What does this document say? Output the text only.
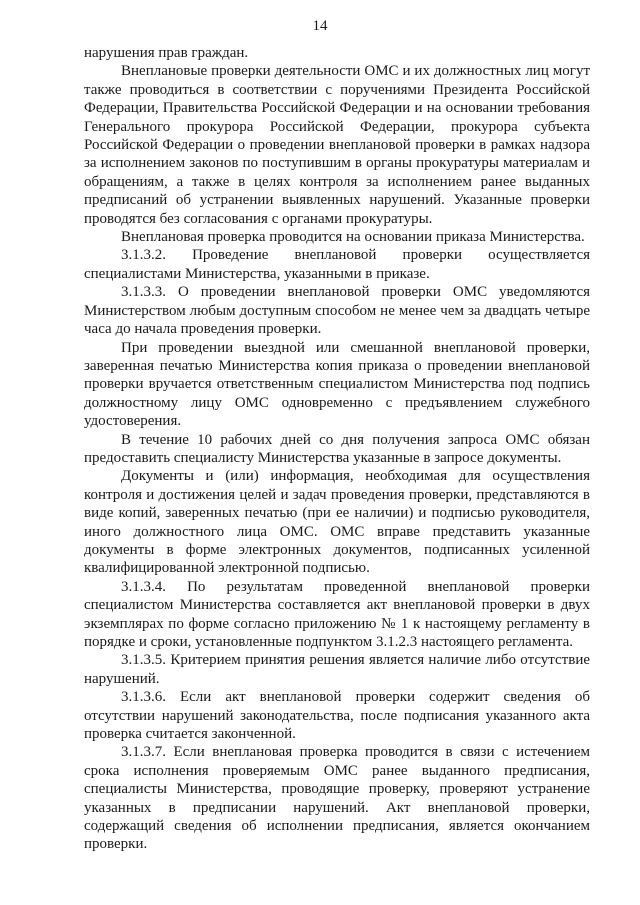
14

нарушения прав граждан.

Внеплановые проверки деятельности ОМС и их должностных лиц могут также проводиться в соответствии с поручениями Президента Российской Федерации, Правительства Российской Федерации и на основании требования Генерального прокурора Российской Федерации, прокурора субъекта Российской Федерации о проведении внеплановой проверки в рамках надзора за исполнением законов по поступившим в органы прокуратуры материалам и обращениям, а также в целях контроля за исполнением ранее выданных предписаний об устранении выявленных нарушений. Указанные проверки проводятся без согласования с органами прокуратуры.

Внеплановая проверка проводится на основании приказа Министерства.

3.1.3.2. Проведение внеплановой проверки осуществляется специалистами Министерства, указанными в приказе.

3.1.3.3. О проведении внеплановой проверки ОМС уведомляются Министерством любым доступным способом не менее чем за двадцать четыре часа до начала проведения проверки.

При проведении выездной или смешанной внеплановой проверки, заверенная печатью Министерства копия приказа о проведении внеплановой проверки вручается ответственным специалистом Министерства под подпись должностному лицу ОМС одновременно с предъявлением служебного удостоверения.

В течение 10 рабочих дней со дня получения запроса ОМС обязан предоставить специалисту Министерства указанные в запросе документы.

Документы и (или) информация, необходимая для осуществления контроля и достижения целей и задач проведения проверки, представляются в виде копий, заверенных печатью (при ее наличии) и подписью руководителя, иного должностного лица ОМС. ОМС вправе представить указанные документы в форме электронных документов, подписанных усиленной квалифицированной электронной подписью.

3.1.3.4. По результатам проведенной внеплановой проверки специалистом Министерства составляется акт внеплановой проверки в двух экземплярах по форме согласно приложению № 1 к настоящему регламенту в порядке и сроки, установленные подпунктом 3.1.2.3 настоящего регламента.

3.1.3.5. Критерием принятия решения является наличие либо отсутствие нарушений.

3.1.3.6. Если акт внеплановой проверки содержит сведения об отсутствии нарушений законодательства, после подписания указанного акта проверка считается законченной.

3.1.3.7. Если внеплановая проверка проводится в связи с истечением срока исполнения проверяемым ОМС ранее выданного предписания, специалисты Министерства, проводящие проверку, проверяют устранение указанных в предписании нарушений. Акт внеплановой проверки, содержащий сведения об исполнении предписания, является окончанием проверки.
